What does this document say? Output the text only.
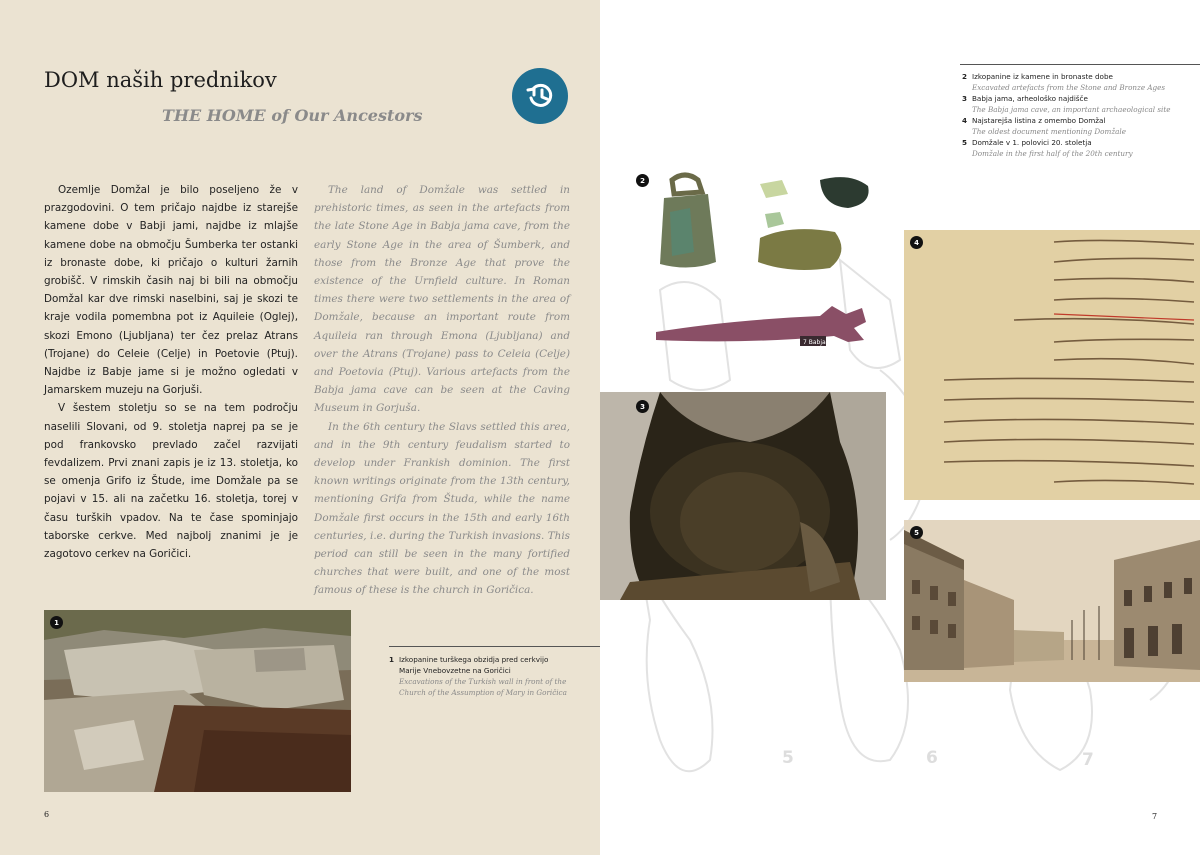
DOM naših prednikov
THE HOME of Our Ancestors

Ozemlje Domžal je bilo poseljeno že v prazgodovini. O tem pričajo najdbe iz starejše kamene dobe v Babji jami, najdbe iz mlajše kamene dobe na območju Šumberka ter ostanki iz bronaste dobe, ki pričajo o kulturi žarnih grobišč. V rimskih časih naj bi bili na območju Domžal kar dve rimski naselbini, saj je skozi te kraje vodila pomembna pot iz Aquileie (Oglej), skozi Emono (Ljubljana) ter čez prelaz Atrans (Trojane) do Celeie (Celje) in Poetovie (Ptuj). Najdbe iz Babje jame si je možno ogledati v Jamarskem muzeju na Gorjuši.

V šestem stoletju so se na tem področju naselili Slovani, od 9. stoletja naprej pa se je pod frankovsko prevlado začel razvijati fevdalizem. Prvi znani zapis je iz 13. stoletja, ko se omenja Grifo iz Štude, ime Domžale pa se pojavi v 15. ali na začetku 16. stoletja, torej v času turških vpadov. Na te čase spominjajo taborske cerkve. Med najbolj znanimi je je zagotovo cerkev na Goričici.

The land of Domžale was settled in prehistoric times, as seen in the artefacts from the late Stone Age in Babja jama cave, from the early Stone Age in the area of Šumberk, and those from the Bronze Age that prove the existence of the Urnfield culture. In Roman times there were two settlements in the area of Domžale, because an important route from Aquileia ran through Emona (Ljubljana) and over the Atrans (Trojane) pass to Celeia (Celje) and Poetovia (Ptuj). Various artefacts from the Babja jama cave can be seen at the Caving Museum in Gorjuša.

In the 6th century the Slavs settled this area, and in the 9th century feudalism started to develop under Frankish dominion. The first known writings originate from the 13th century, mentioning Grifa from Študa, while the name Domžale first occurs in the 15th and early 16th centuries, i.e. during the Turkish invasions. This period can still be seen in the many fortified churches that were built, and one of the most famous of these is the church in Goričica.

1
1 Izkopanine turškega obzidja pred cerkvijo Marije Vnebovzetne na Goričici
Excavations of the Turkish wall in front of the Church of the Assumption of Mary in Goričica
6
5	6	7
2 Izkopanine iz kamene in bronaste dobe
Excavated artefacts from the Stone and Bronze Ages
3 Babja jama, arheološko najdišče
The Babja jama cave, an important archaeological site
4 Najstarejša listina z omembo Domžal
The oldest document mentioning Domžale
5 Domžale v 1. polovici 20. stoletja
Domžale in the first half of the 20th century
2
7 Babja
3
4
5
7
